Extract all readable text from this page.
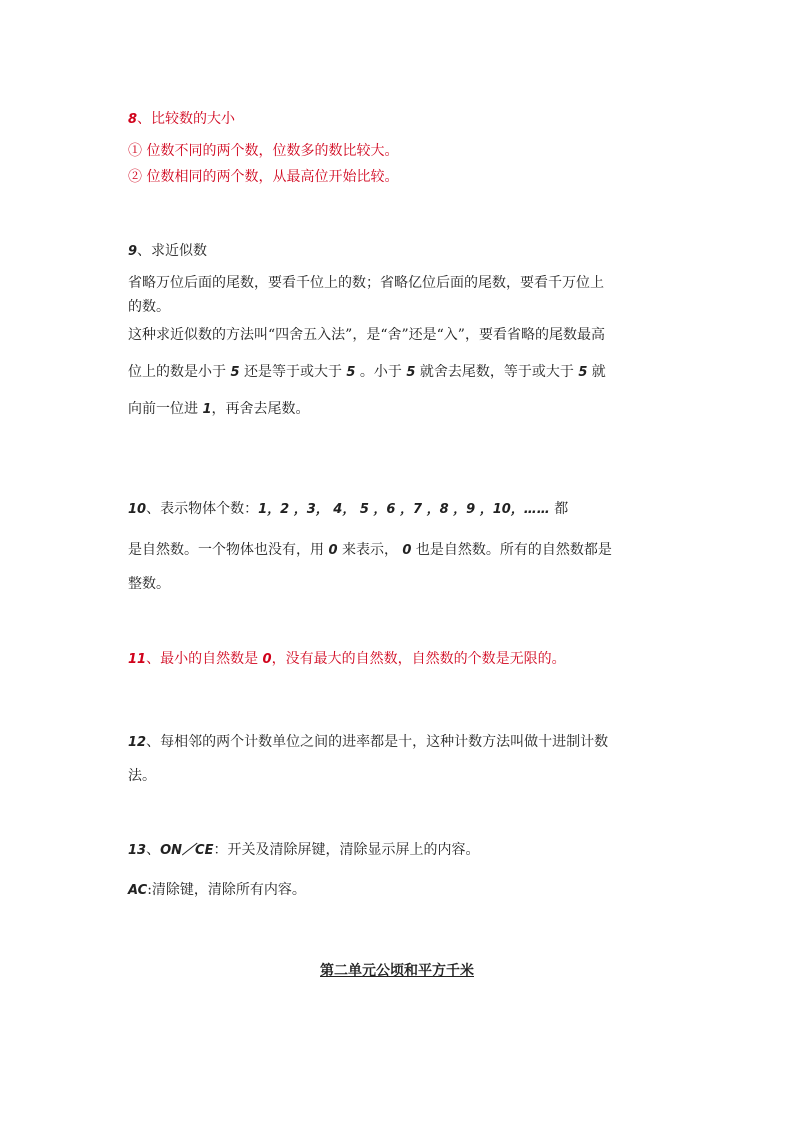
8、比较数的大小

① 位数不同的两个数，位数多的数比较大。

② 位数相同的两个数，从最高位开始比较。

9、求近似数

省略万位后面的尾数，要看千位上的数；省略亿位后面的尾数，要看千万位上

的数。

这种求近似数的方法叫“四舍五入法”，是“舍”还是“入”，要看省略的尾数最高

位上的数是小于 5 还是等于或大于 5 。小于 5 就舍去尾数，等于或大于 5 就

向前一位进 1，再舍去尾数。

10、表示物体个数：1，2 ，3， 4， 5 ，6 ，7 ，8 ，9 ，10，…… 都

是自然数。一个物体也没有，用 0 来表示， 0 也是自然数。所有的自然数都是

整数。

11、最小的自然数是 0，没有最大的自然数，自然数的个数是无限的。

12、每相邻的两个计数单位之间的进率都是十，这种计数方法叫做十进制计数

法。

13、ON／CE：开关及清除屏键，清除显示屏上的内容。

AC:清除键，清除所有内容。

第二单元公顷和平方千米
